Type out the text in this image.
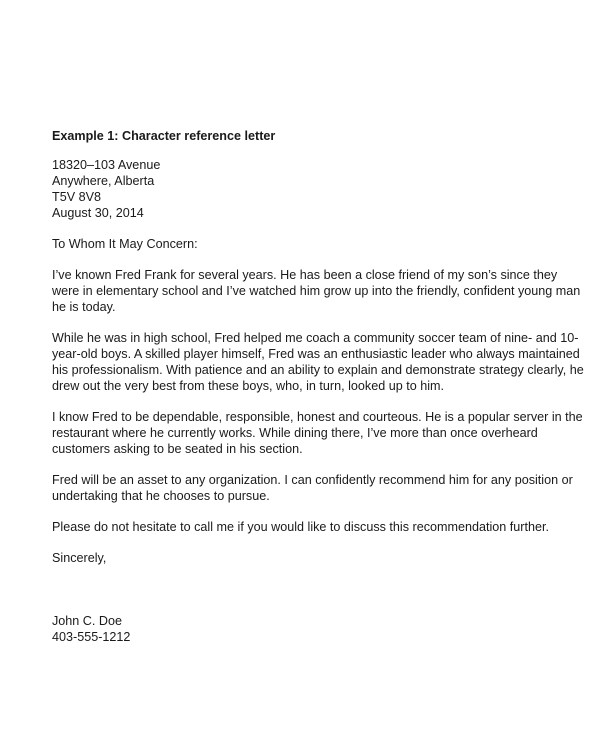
Example 1: Character reference letter

18320–103 Avenue

Anywhere, Alberta

T5V 8V8

August 30, 2014

To Whom It May Concern:

I’ve known Fred Frank for several years. He has been a close friend of my son’s since they
were in elementary school and I’ve watched him grow up into the friendly, confident young man
he is today.

While he was in high school, Fred helped me coach a community soccer team of nine- and 10-
year-old boys. A skilled player himself, Fred was an enthusiastic leader who always maintained
his professionalism. With patience and an ability to explain and demonstrate strategy clearly, he
drew out the very best from these boys, who, in turn, looked up to him.

I know Fred to be dependable, responsible, honest and courteous. He is a popular server in the
restaurant where he currently works. While dining there, I’ve more than once overheard
customers asking to be seated in his section.

Fred will be an asset to any organization. I can confidently recommend him for any position or
undertaking that he chooses to pursue.

Please do not hesitate to call me if you would like to discuss this recommendation further.

Sincerely,

John C. Doe

403-555-1212
